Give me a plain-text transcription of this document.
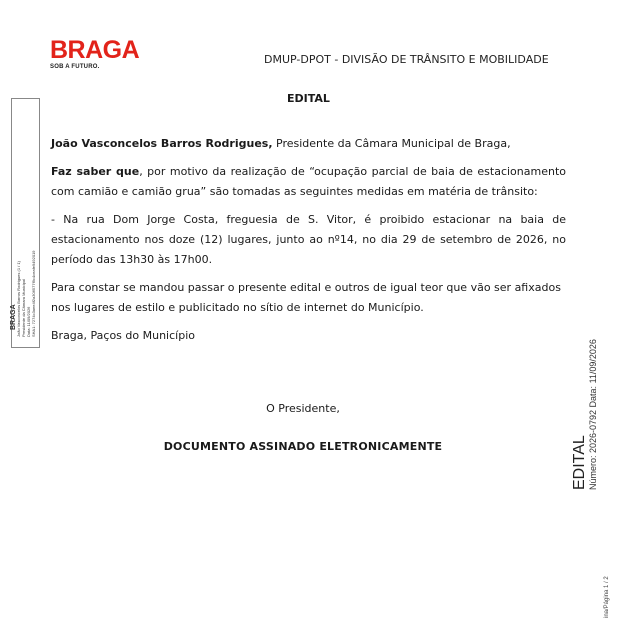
BRAGA
SOB A FUTURO.
DMUP-DPOT - DIVISÃO DE TRÂNSITO E MOBILIDADE
EDITAL

João Vasconcelos Barros Rodrigues, Presidente da Câmara Municipal de Braga,

Faz saber que, por motivo da realização de “ocupação parcial de baia de estacionamento com camião e camião grua” são tomadas as seguintes medidas em matéria de trânsito:

- Na rua Dom Jorge Costa, freguesia de S. Vitor, é proibido estacionar na baia de estacionamento nos doze (12) lugares, junto ao nº14, no dia 29 de setembro de 2026, no período das 13h30 às 17h00.

Para constar se mandou passar o presente edital e outros de igual teor que vão ser afixados nos lugares de estilo e publicitado no sítio de internet do Município.

Braga, Paços do Município

O Presidente,
DOCUMENTO ASSINADO ELETRONICAMENTE
João Vasconcelos Barros Rodrigues (1 / 1) Presidente da Câmara Municipal Data: 11/09/2026 SHA1: 7274c3aee4f2a306577f9c4ceafe9492019
BRAGA
EDITAL Número: 2026-0792 Data: 11/09/2026
ina/Página 1 / 2
